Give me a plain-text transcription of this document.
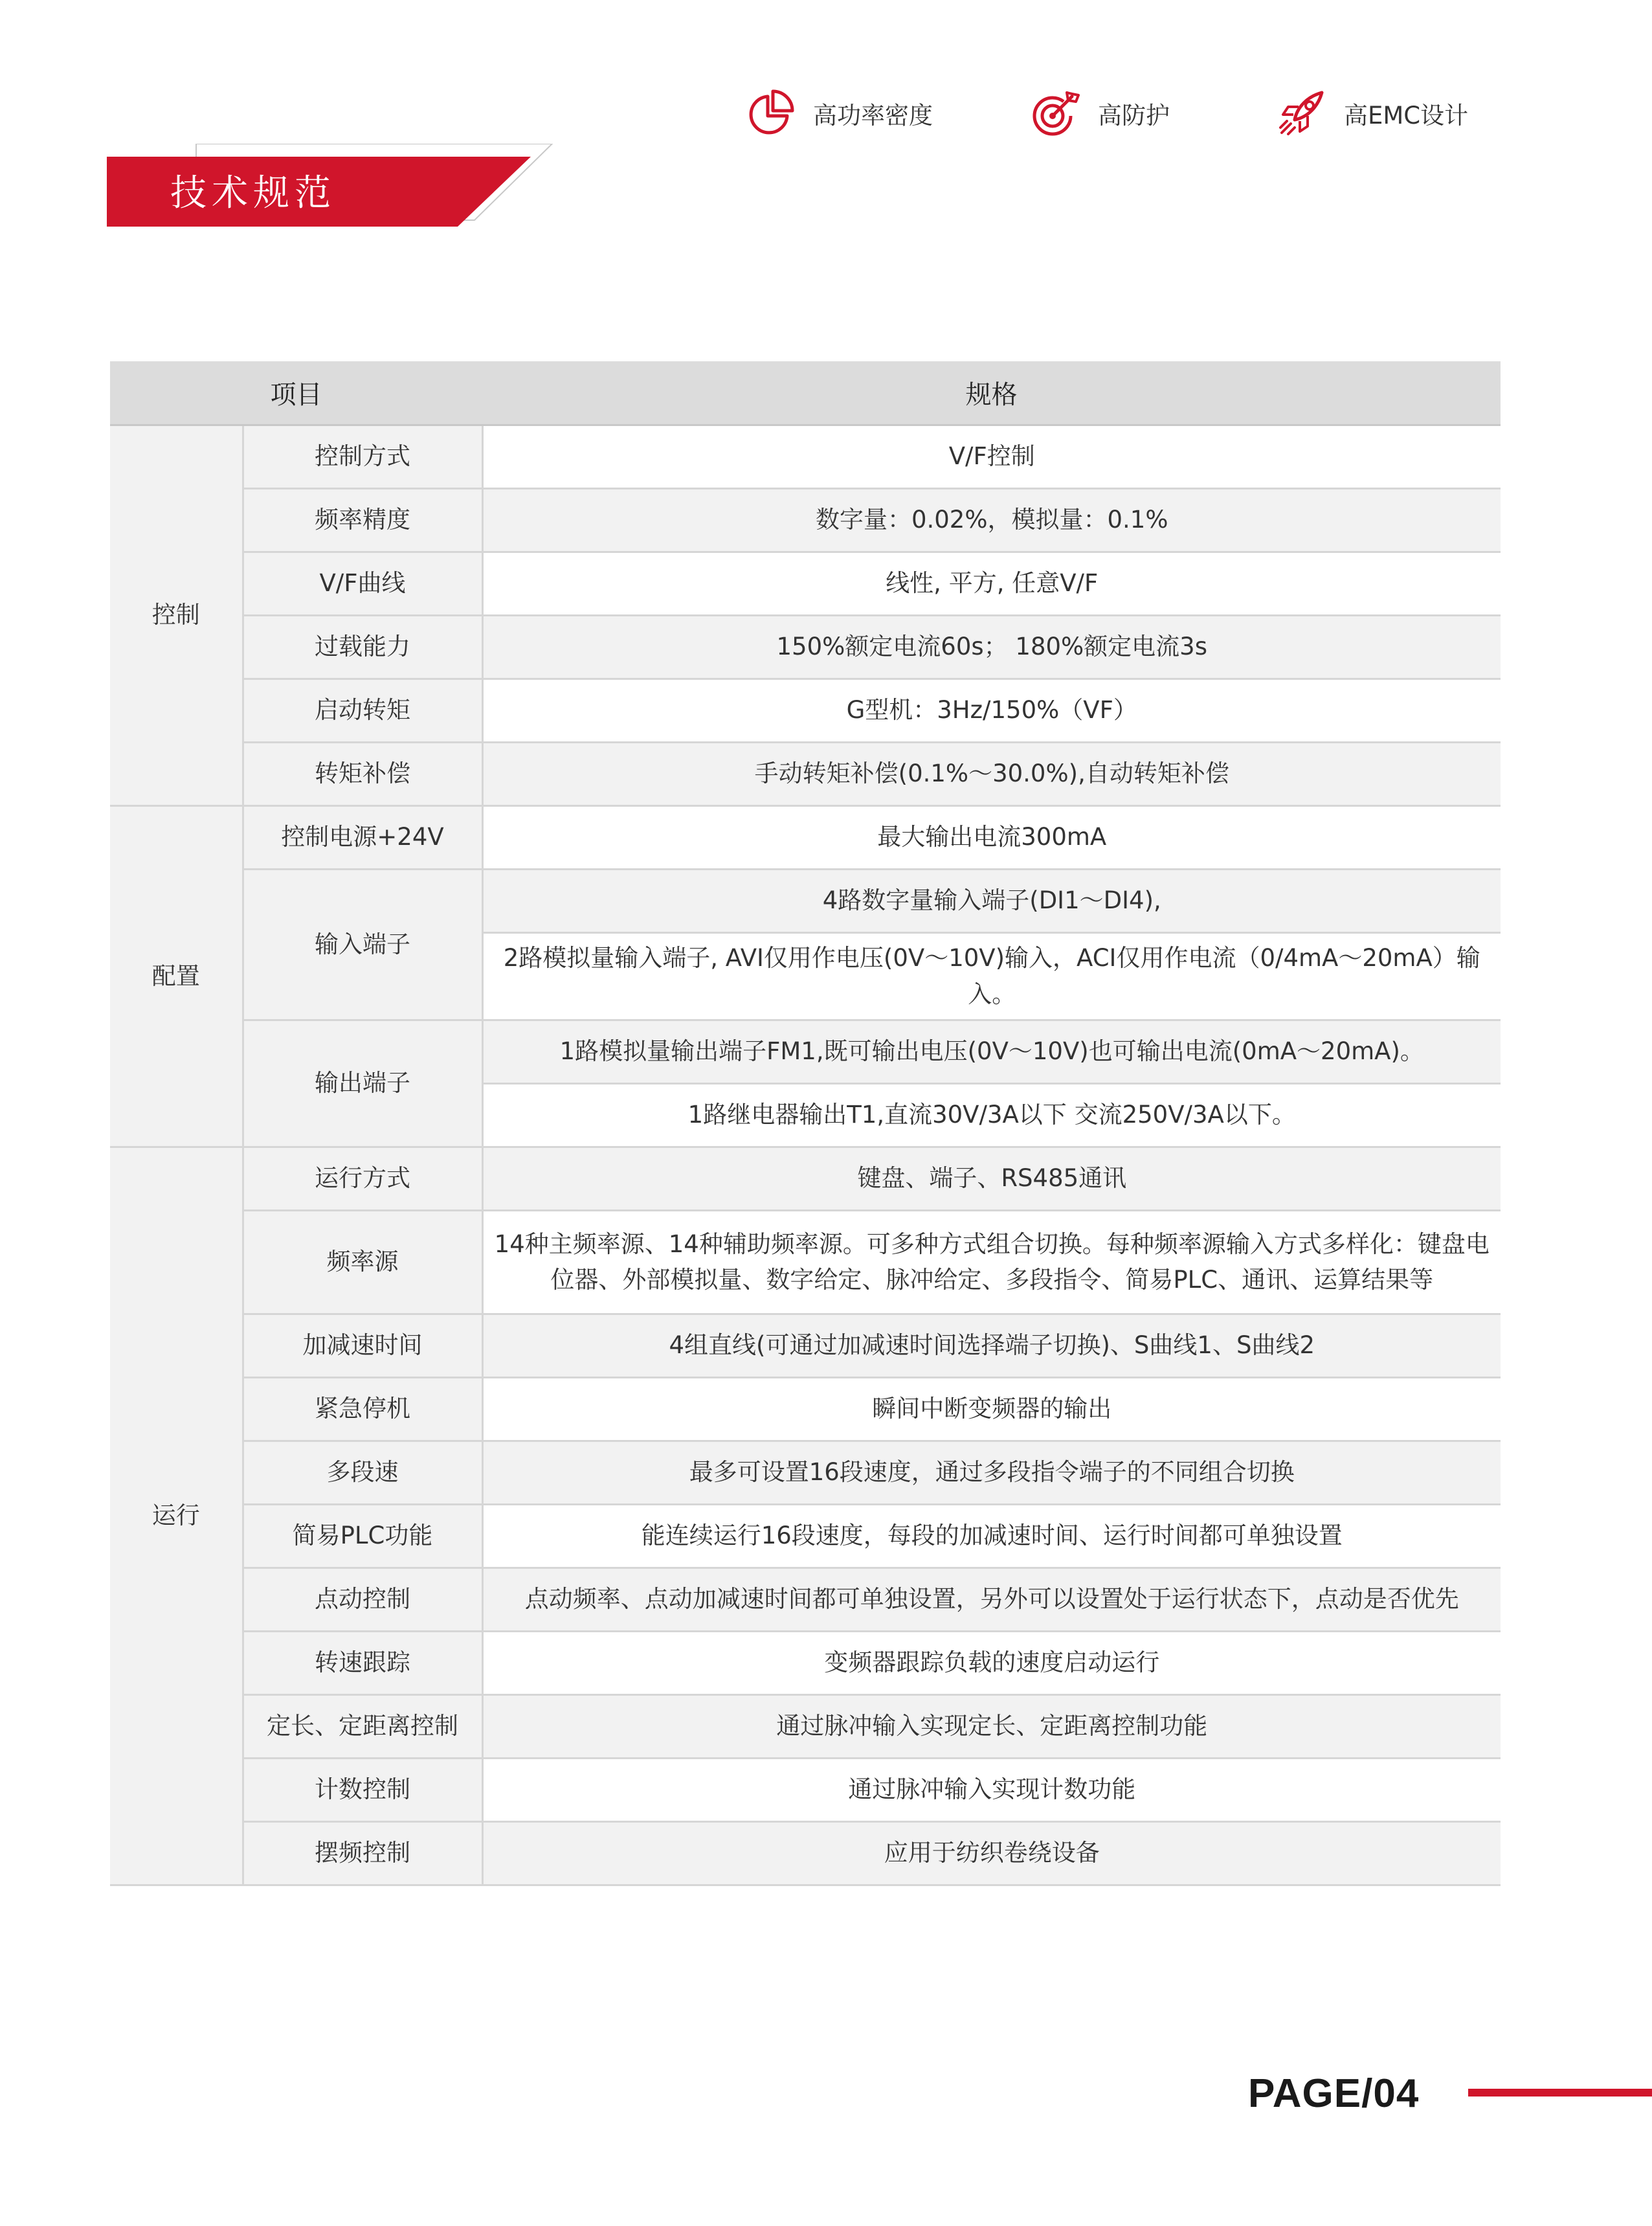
高功率密度	高防护	高EMC设计
技术规范
项目		规格
控制	控制方式	V/F控制
	频率精度	数字量：0.02%，模拟量：0.1%
	V/F曲线	线性, 平方, 任意V/F
	过载能力	150%额定电流60s； 180%额定电流3s
	启动转矩	G型机：3Hz/150%（VF）
	转矩补偿	手动转矩补偿(0.1%～30.0%),自动转矩补偿
配置	控制电源+24V	最大输出电流300mA
	输入端子	4路数字量输入端子(DI1～DI4),
		2路模拟量输入端子, AVI仅用作电压(0V～10V)输入，ACI仅用作电流（0/4mA～20mA）输入。
	输出端子	1路模拟量输出端子FM1,既可输出电压(0V～10V)也可输出电流(0mA～20mA)。
		1路继电器输出T1,直流30V/3A以下 交流250V/3A以下。
运行	运行方式	键盘、端子、RS485通讯
	频率源	14种主频率源、14种辅助频率源。可多种方式组合切换。每种频率源输入方式多样化：键盘电位器、外部模拟量、数字给定、脉冲给定、多段指令、简易PLC、通讯、运算结果等
	加减速时间	4组直线(可通过加减速时间选择端子切换)、S曲线1、S曲线2
	紧急停机	瞬间中断变频器的输出
	多段速	最多可设置16段速度，通过多段指令端子的不同组合切换
	简易PLC功能	能连续运行16段速度，每段的加减速时间、运行时间都可单独设置
	点动控制	点动频率、点动加减速时间都可单独设置，另外可以设置处于运行状态下，点动是否优先
	转速跟踪	变频器跟踪负载的速度启动运行
	定长、定距离控制	通过脉冲输入实现定长、定距离控制功能
	计数控制	通过脉冲输入实现计数功能
	摆频控制	应用于纺织卷绕设备
PAGE/04
